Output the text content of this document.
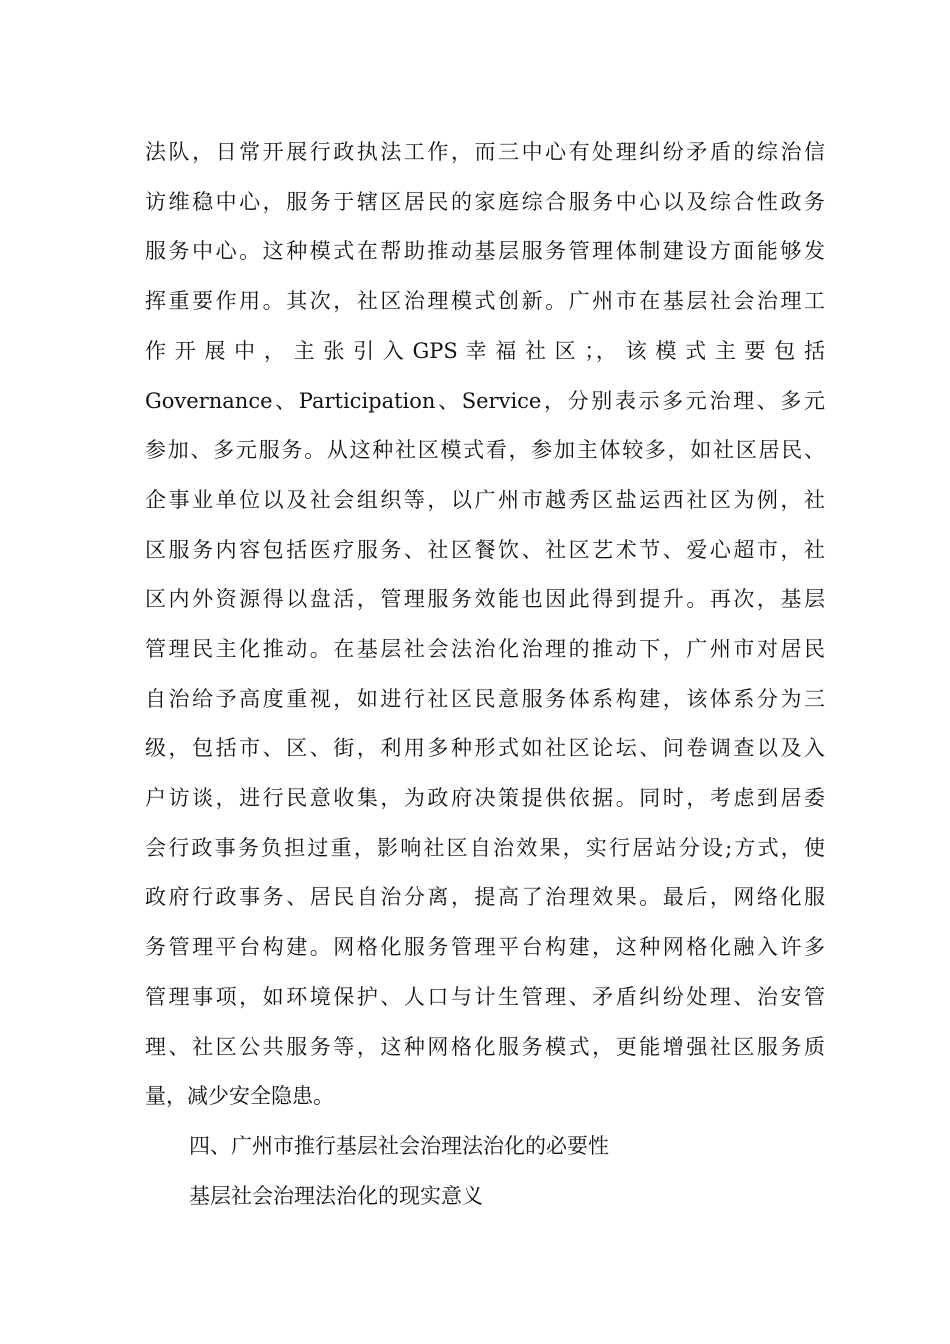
法队，日常开展行政执法工作，而三中心有处理纠纷矛盾的综治信
访维稳中心，服务于辖区居民的家庭综合服务中心以及综合性政务
服务中心。这种模式在帮助推动基层服务管理体制建设方面能够发
挥重要作用。其次，社区治理模式创新。广州市在基层社会治理工
作 开 展 中 ， 主 张 引 入 GPS 幸 福 社 区 ；， 该 模 式 主 要 包 括
Governance、Participation、Service，分别表示多元治理、多元
参加、多元服务。从这种社区模式看，参加主体较多，如社区居民、
企事业单位以及社会组织等，以广州市越秀区盐运西社区为例，社
区服务内容包括医疗服务、社区餐饮、社区艺术节、爱心超市，社
区内外资源得以盘活，管理服务效能也因此得到提升。再次，基层
管理民主化推动。在基层社会法治化治理的推动下，广州市对居民
自治给予高度重视，如进行社区民意服务体系构建，该体系分为三
级，包括市、区、街，利用多种形式如社区论坛、问卷调查以及入
户访谈，进行民意收集，为政府决策提供依据。同时，考虑到居委
会行政事务负担过重，影响社区自治效果，实行居站分设;方式，使
政府行政事务、居民自治分离，提高了治理效果。最后，网络化服
务管理平台构建。网格化服务管理平台构建，这种网格化融入许多
管理事项，如环境保护、人口与计生管理、矛盾纠纷处理、治安管
理、社区公共服务等，这种网格化服务模式，更能增强社区服务质
量，减少安全隐患。
四、广州市推行基层社会治理法治化的必要性
基层社会治理法治化的现实意义
